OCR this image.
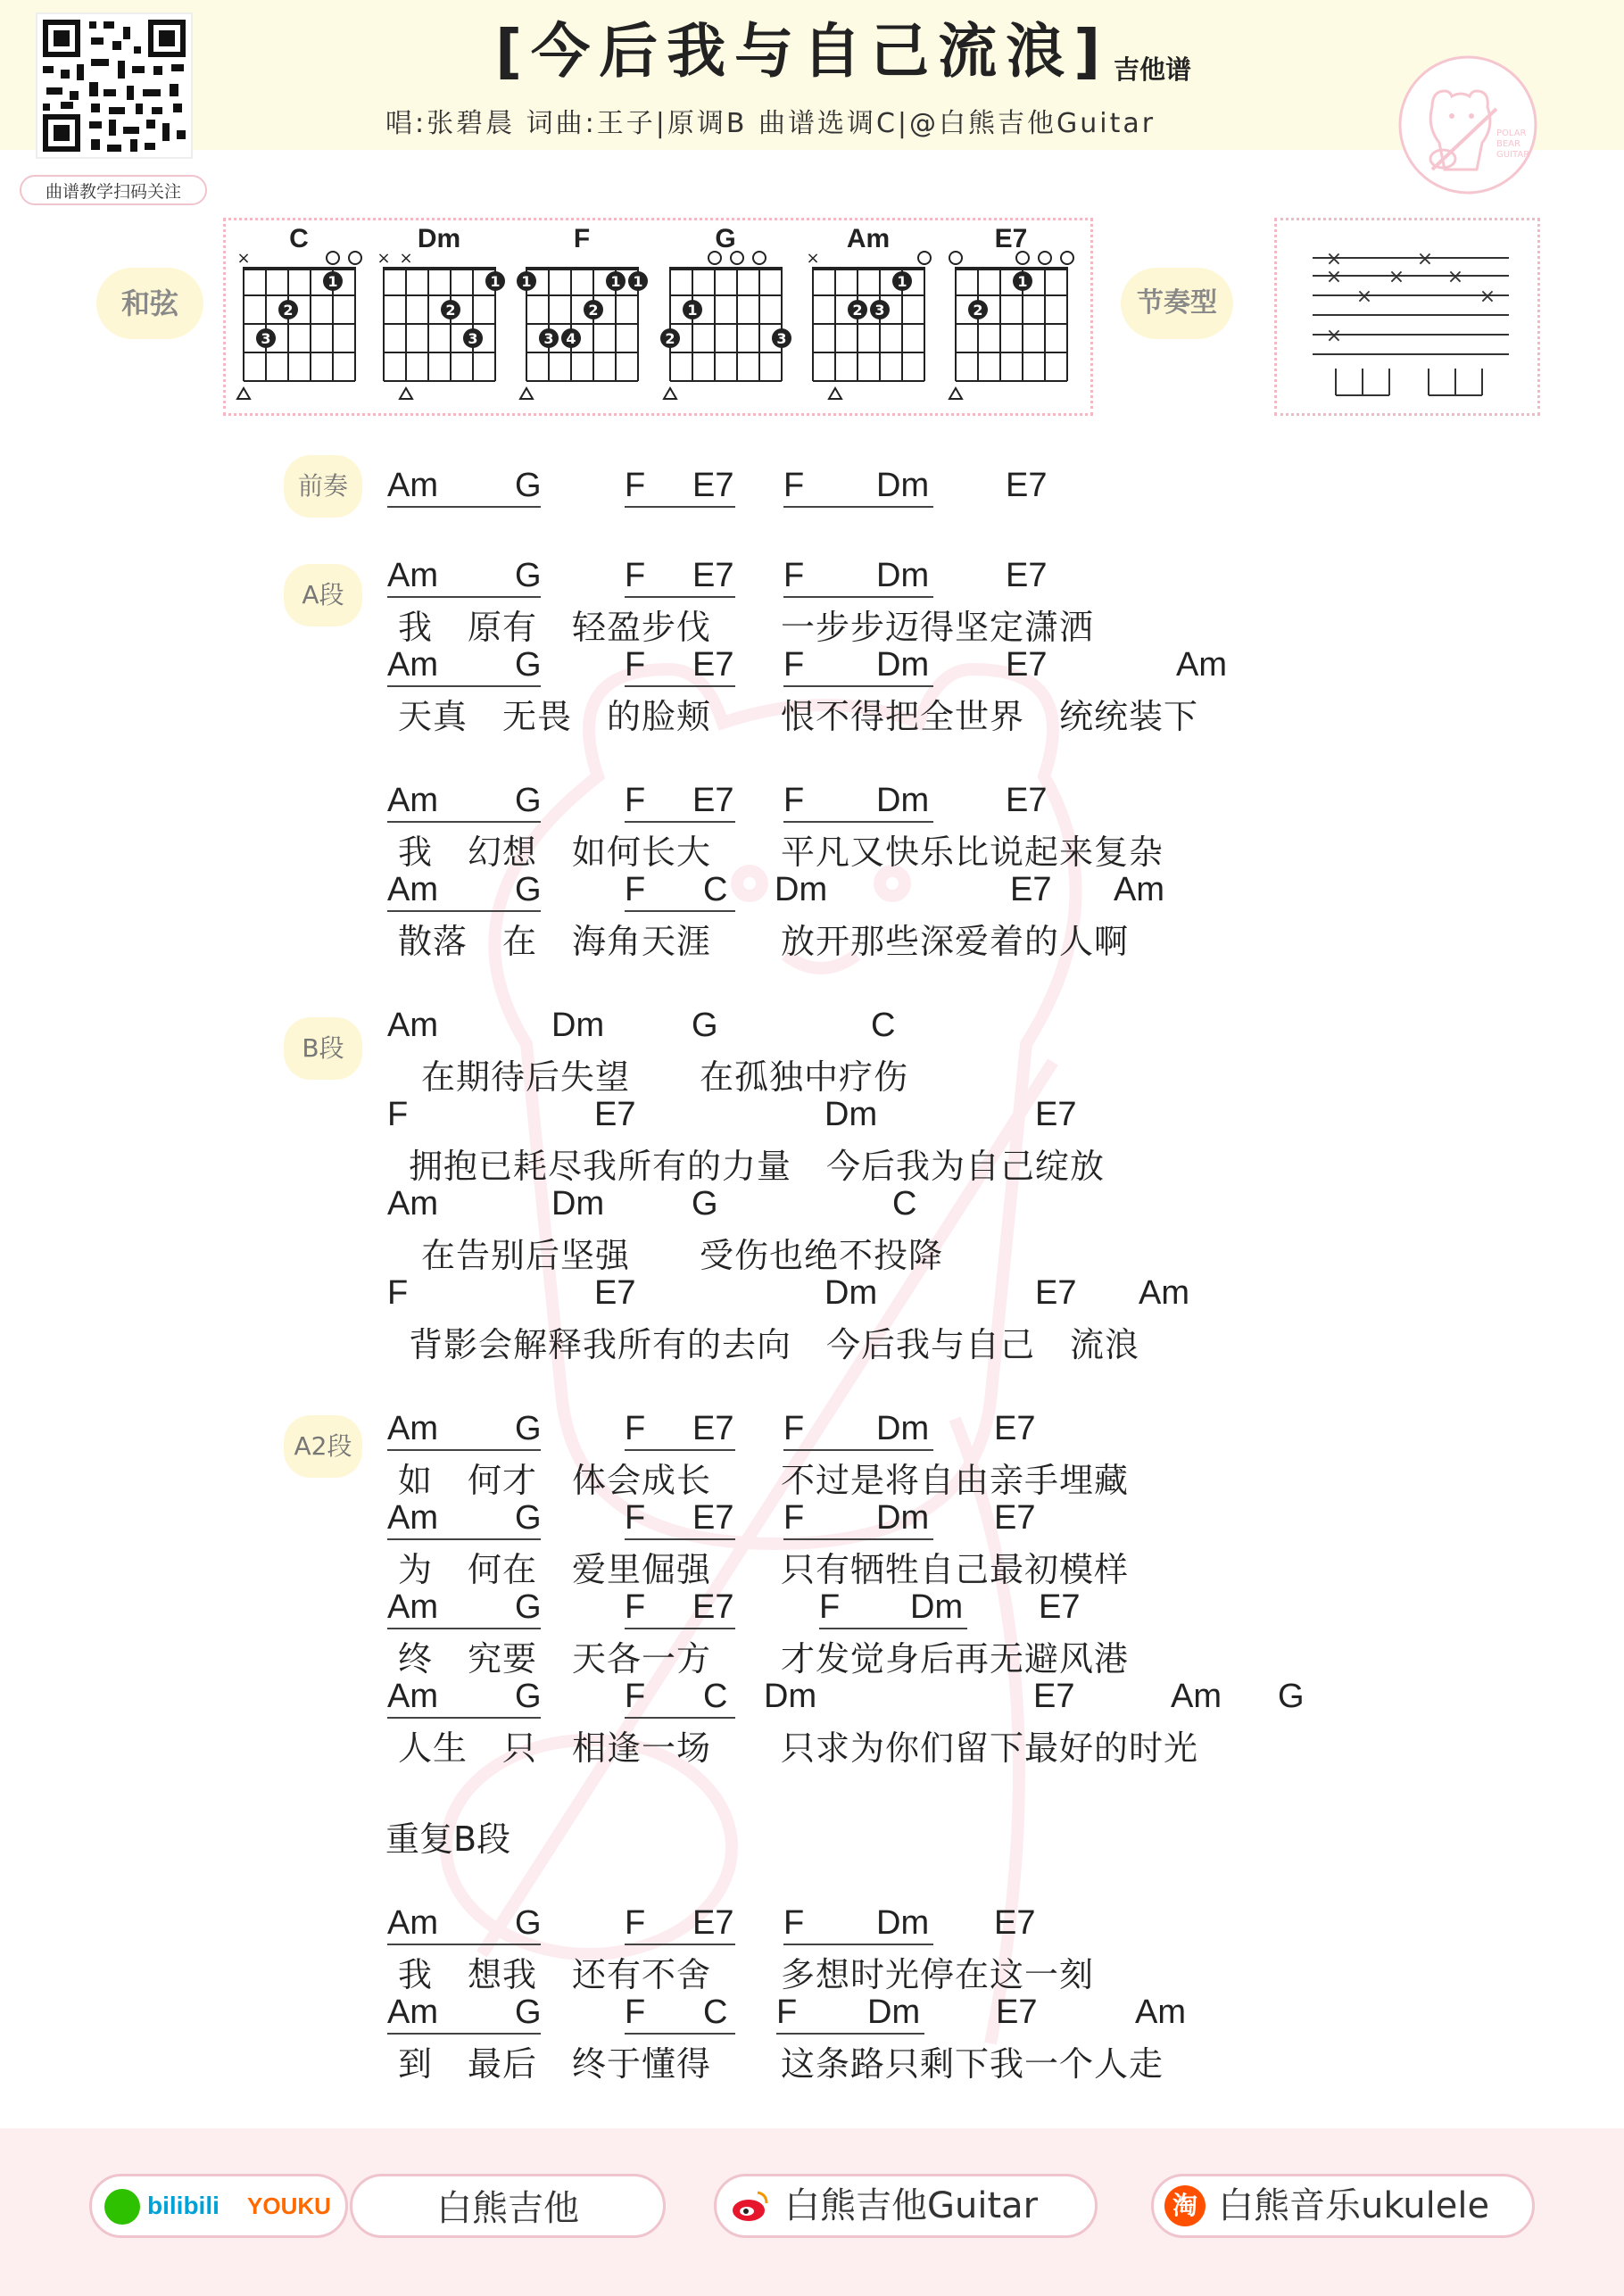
曲谱教学扫码关注
[今后我与自己流浪] 吉他谱
唱:张碧晨 词曲:王子|原调B 曲谱选调C|@白熊吉他Guitar	POLAR
BEAR
GUITAR
和弦	节奏型
C
×
1
2
3
Dm
× ×
1
2
3
F
1	1 1
2
3 4
G
1
2	3
Am
×
1
2 3
E7
1
2
×	×
× × ×
×	×
×
前奏	Am G F E7 F Dm E7
A段
Am G F E7 F Dm E7
我　原有　轻盈步伐　　一步步迈得坚定潇洒
Am G F E7 F Dm E7	Am
天真　无畏　的脸颊　　恨不得把全世界　统统装下
Am G F E7 F Dm E7
我　幻想　如何长大　　平凡又快乐比说起来复杂
Am G F C Dm	E7 Am
散落　在　海角天涯　　放开那些深爱着的人啊
B段
Am	Dm	G	C
在期待后失望　　在孤独中疗伤
F	E7	Dm	E7
拥抱已耗尽我所有的力量　今后我为自己绽放
Am	Dm	G	C
在告别后坚强　　受伤也绝不投降
F	E7	Dm	E7 Am
背影会解释我所有的去向　今后我与自己　流浪
A2段	Am G F E7 F Dm E7
如　何才　体会成长　　不过是将自由亲手埋藏
Am G F E7 F Dm E7
为　何在　爱里倔强　　只有牺牲自己最初模样
Am G F E7	F Dm E7
终　究要　天各一方　　才发觉身后再无避风港
Am G F C Dm	E7	Am G
人生　只　相逢一场　　只求为你们留下最好的时光
重复B段
Am G F E7 F Dm E7
我　想我　还有不舍　　多想时光停在这一刻
Am G F C F Dm E7	Am
到　最后　终于懂得　　这条路只剩下我一个人走
bilibili YOUKU	白熊吉他	白熊吉他Guitar	淘 白熊音乐ukulele
